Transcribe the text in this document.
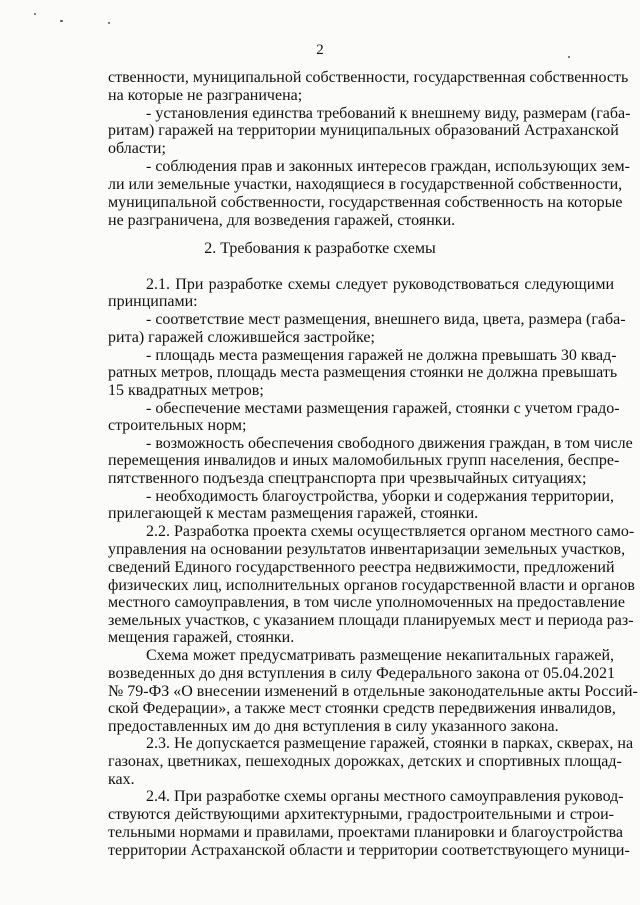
2
2. Требования к разработке схемы
ственности, муниципальной собственности, государственная собственность
на которые не разграничена;
- установления единства требований к внешнему виду, размерам (габа-
ритам) гаражей на территории муниципальных образований Астраханской
области;
- соблюдения прав и законных интересов граждан, использующих зем-
ли или земельные участки, находящиеся в государственной собственности,
муниципальной собственности, государственная собственность на которые
не разграничена, для возведения гаражей, стоянки.
2.1. При разработке схемы следует руководствоваться следующими
принципами:
- соответствие мест размещения, внешнего вида, цвета, размера (габа-
рита) гаражей сложившейся застройке;
- площадь места размещения гаражей не должна превышать 30 квад-
ратных метров, площадь места размещения стоянки не должна превышать
15 квадратных метров;
- обеспечение местами размещения гаражей, стоянки с учетом градо-
строительных норм;
- возможность обеспечения свободного движения граждан, в том числе
перемещения инвалидов и иных маломобильных групп населения, беспре-
пятственного подъезда спецтранспорта при чрезвычайных ситуациях;
- необходимость благоустройства, уборки и содержания территории,
прилегающей к местам размещения гаражей, стоянки.
2.2. Разработка проекта схемы осуществляется органом местного само-
управления на основании результатов инвентаризации земельных участков,
сведений Единого государственного реестра недвижимости, предложений
физических лиц, исполнительных органов государственной власти и органов
местного самоуправления, в том числе уполномоченных на предоставление
земельных участков, с указанием площади планируемых мест и периода раз-
мещения гаражей, стоянки.
Схема может предусматривать размещение некапитальных гаражей,
возведенных до дня вступления в силу Федерального закона от 05.04.2021
№ 79-ФЗ «О внесении изменений в отдельные законодательные акты Россий-
ской Федерации», а также мест стоянки средств передвижения инвалидов,
предоставленных им до дня вступления в силу указанного закона.
2.3. Не допускается размещение гаражей, стоянки в парках, скверах, на
газонах, цветниках, пешеходных дорожках, детских и спортивных площад-
ках.
2.4. При разработке схемы органы местного самоуправления руковод-
ствуются действующими архитектурными, градостроительными и строи-
тельными нормами и правилами, проектами планировки и благоустройства
территории Астраханской области и территории соответствующего муници-
